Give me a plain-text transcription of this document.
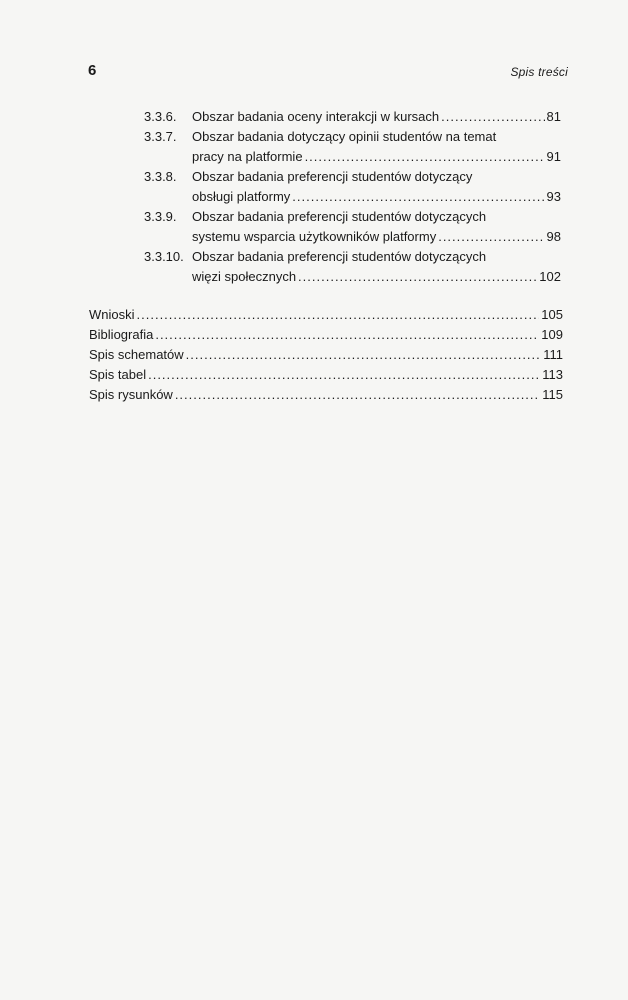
6	Spis treści
3.3.6.	Obszar badania oceny interakcji w kursach .....	81
3.3.7.	Obszar badania dotyczący opinii studentów na temat
pracy na platformie .....	91
3.3.8.	Obszar badania preferencji studentów dotyczący
obsługi platformy .....	93
3.3.9.	Obszar badania preferencji studentów dotyczących
systemu wsparcia użytkowników platformy .....	98
3.3.10. Obszar badania preferencji studentów dotyczących
więzi społecznych .....	102
Wnioski .....	105
Bibliografia .....	109
Spis schematów .....	111
Spis tabel .....	113
Spis rysunków .....	115
